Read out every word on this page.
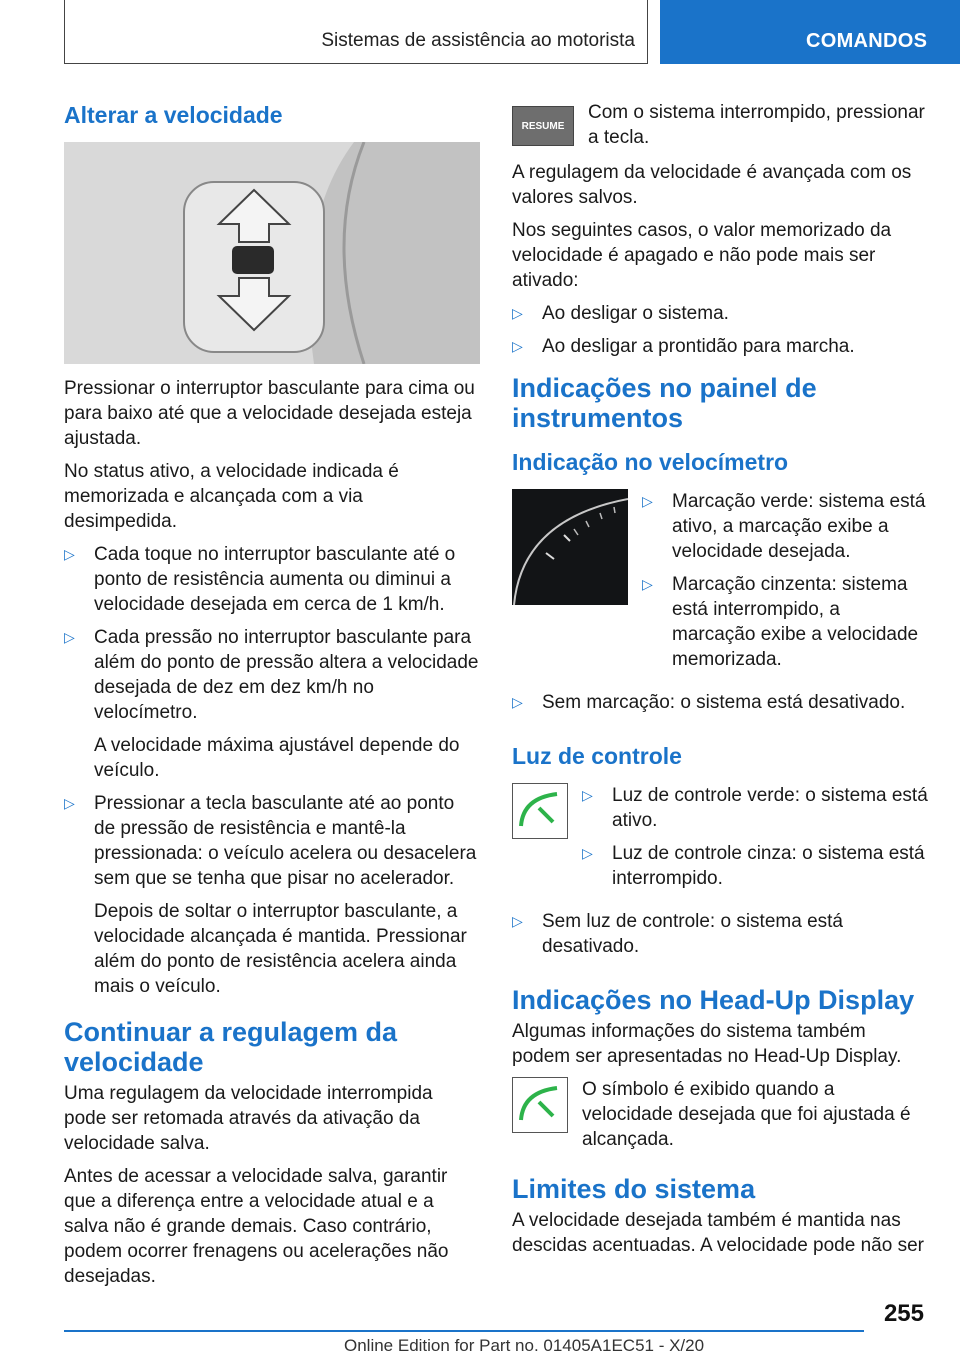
Sistemas de assistência ao motorista	COMANDOS
Alterar a velocidade

Pressionar o interruptor basculante para cima ou para baixo até que a velocidade desejada esteja ajustada.

No status ativo, a velocidade indicada é memorizada e alcançada com a via desimpedida.

▷ Cada toque no interruptor basculante até o ponto de resistência aumenta ou diminui a velocidade desejada em cerca de 1 km/h.
▷ Cada pressão no interruptor basculante para além do ponto de pressão altera a velocidade desejada de dez em dez km/h no velocímetro.

A velocidade máxima ajustável depende do veículo.

▷ Pressionar a tecla basculante até ao ponto de pressão de resistência e mantê-la pressionada: o veículo acelera ou desacelera sem que se tenha que pisar no acelerador.

Depois de soltar o interruptor basculante, a velocidade alcançada é mantida. Pressionar além do ponto de resistência acelera ainda mais o veículo.

Continuar a regulagem da velocidade

Uma regulagem da velocidade interrompida pode ser retomada através da ativação da velocidade salva.

Antes de acessar a velocidade salva, garantir que a diferença entre a velocidade atual e a salva não é grande demais. Caso contrário, podem ocorrer frenagens ou acelerações não desejadas.

RESUME

Com o sistema interrompido, pressionar a tecla.

A regulagem da velocidade é avançada com os valores salvos.

Nos seguintes casos, o valor memorizado da velocidade é apagado e não pode mais ser ativado:

▷ Ao desligar o sistema.
▷ Ao desligar a prontidão para marcha.
Indicações no painel de instrumentos
Indicação no velocímetro
▷ Marcação verde: sistema está ativo, a marcação exibe a velocidade desejada.
▷ Marcação cinzenta: sistema está interrompido, a marcação exibe a velocidade memorizada.
▷ Sem marcação: o sistema está desativado.
Luz de controle
▷ Luz de controle verde: o sistema está ativo.
▷ Luz de controle cinza: o sistema está interrompido.
▷ Sem luz de controle: o sistema está desativado.
Indicações no Head-Up Display

Algumas informações do sistema também podem ser apresentadas no Head-Up Display.

O símbolo é exibido quando a velocidade desejada que foi ajustada é alcançada.

Limites do sistema

A velocidade desejada também é mantida nas descidas acentuadas. A velocidade pode não ser

255
Online Edition for Part no. 01405A1EC51 - X/20
